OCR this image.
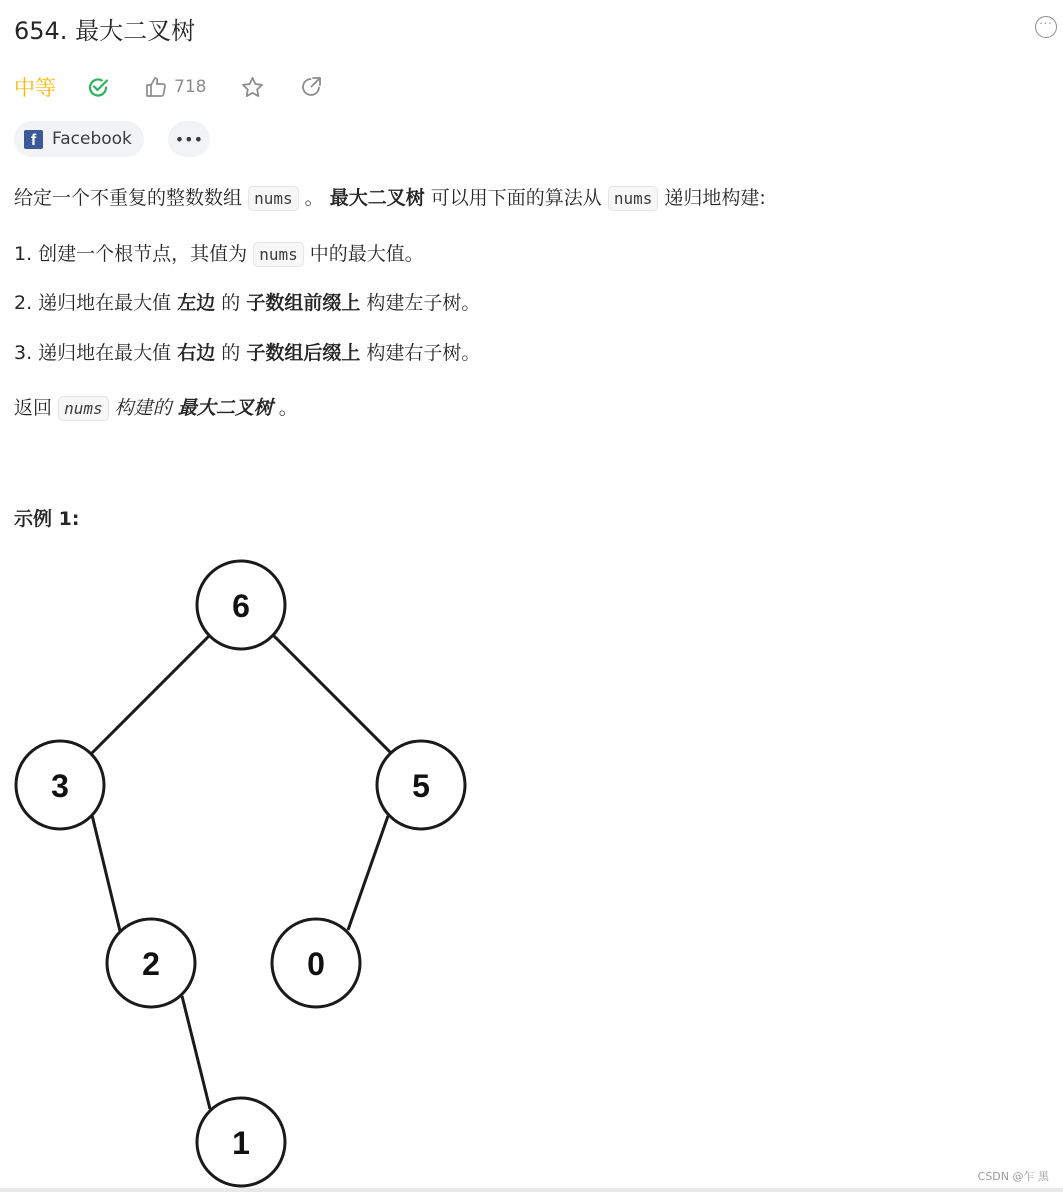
654. 最大二叉树	···
中等	718
f Facebook	•••
给定一个不重复的整数数组 nums 。 最大二叉树 可以用下面的算法从 nums 递归地构建:
1. 创建一个根节点，其值为 nums 中的最大值。
2. 递归地在最大值 左边 的 子数组前缀上 构建左子树。
3. 递归地在最大值 右边 的 子数组后缀上 构建右子树。
返回 nums 构建的 最大二叉树 。
示例 1:
6
3	5
2	0
1
CSDN @乍 黑
